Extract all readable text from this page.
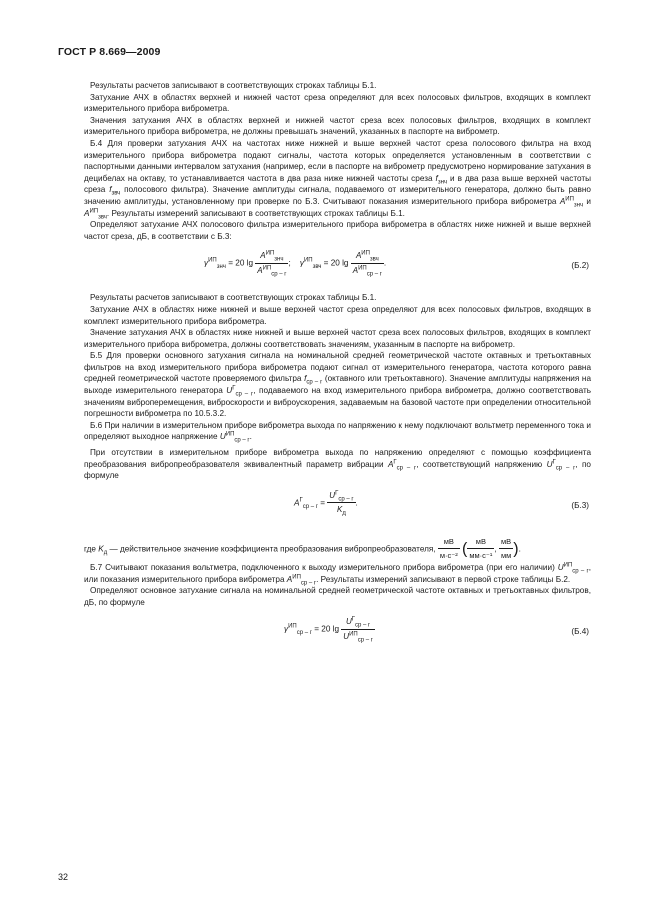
ГОСТ Р 8.669—2009

Результаты расчетов записывают в соответствующих строках таблицы Б.1.

Затухание АЧХ в областях верхней и нижней частот среза определяют для всех полосовых фильтров, входящих в комплект измерительного прибора виброметра.

Значения затухания АЧХ в областях верхней и нижней частот среза всех полосовых фильтров, входящих в комплект измерительного прибора виброметра, не должны превышать значений, указанных в паспорте на виброметр.

Б.4 Для проверки затухания АЧХ на частотах ниже нижней и выше верхней частот среза полосового фильтра на вход измерительного прибора виброметра подают сигналы, частота которых определяется установленным в соответствии с паспортными данными интервалом затухания (например, если в паспорте на виброметр предусмотрено нормирование затухания в децибелах на октаву, то устанавливается частота в два раза ниже нижней частоты среза $f_{знч}$ и в два раза выше верхней частоты среза $f_{звч}$ полосового фильтра). Значение амплитуды сигнала, подаваемого от измерительного генератора, должно быть равно значению амплитуды, установленному при проверке по Б.3. Считывают показания измерительного прибора виброметра $A^{ИП}_{знч}$ и $A^{ИП}_{звч}$. Результаты измерений записывают в соответствующих строках таблицы Б.1.

Определяют затухание АЧХ полосового фильтра измерительного прибора виброметра в областях ниже нижней и выше верхней частот среза, дБ, в соответствии с Б.3:

$\gamma^{ИП}_{знч} = 20$ $\lg \frac{A^{ИП}_{знч}}{A^{ИП}_{ср - г}}$ ; $\gamma^{ИП}_{звч} = 20$ $\lg \frac{A^{ИП}_{звч}}{A^{ИП}_{ср - г}}$ .	(Б.2)

Результаты расчетов записывают в соответствующих строках таблицы Б.1.

Затухание АЧХ в областях ниже нижней и выше верхней частот среза определяют для всех полосовых фильтров, входящих в комплект измерительного прибора виброметра.

Значение затухания АЧХ в областях ниже нижней и выше верхней частот среза всех полосовых фильтров, входящих в комплект измерительного прибора виброметра, должны соответствовать значениям, указанным в паспорте на виброметр.

Б.5 Для проверки основного затухания сигнала на номинальной средней геометрической частоте октавных и третьоктавных фильтров на вход измерительного прибора виброметра подают сигнал от измерительного генератора, частота которого равна средней геометрической частоте проверяемого фильтра $f_{ср - г}$ (октавного или третьоктавного). Значение амплитуды напряжения на выходе измерительного генератора $U^Г_{ср - г}$, подаваемого на вход измерительного прибора виброметра, должно соответствовать значениям виброперемещения, виброскорости и виброускорения, задаваемым на базовой частоте при определении относительной погрешности виброметра по 10.5.3.2.

Б.6 При наличии в измерительном приборе виброметра выхода по напряжению к нему подключают вольтметр переменного тока и определяют выходное напряжение $U^{ИП}_{ср - г}$.

При отсутствии в измерительном приборе виброметра выхода по напряжению определяют с помощью коэффициента преобразования вибропреобразователя эквивалентный параметр вибрации $A^Г_{ср - г}$, соответствующий напряжению $U^Г_{ср - г}$, по формуле

$A^Г_{ср - г} = \frac{U^Г_{ср - г}}{K_д}$ .	(Б.3)

где $K_д$ — действительное значение коэффициента преобразования вибропреобразователя, $\frac{мВ}{\text{м·с⁻²}}$ ( $\frac{мВ}{\text{мм·с⁻¹}}$ , $\frac{мВ}{мм}$ ).

Б.7 Считывают показания вольтметра, подключенного к выходу измерительного прибора виброметра (при его наличии) $U^{ИП}_{ср - г}$, или показания измерительного прибора виброметра $A^{ИП}_{ср - г}$. Результаты измерений записывают в первой строке таблицы Б.2.

Определяют основное затухание сигнала на номинальной средней геометрической частоте октавных и третьоктавных фильтров, дБ, по формуле

$\gamma^{ИП}_{ср - г} = 20$ $\lg \frac{U^Г_{ср - г}}{U^{ИП}_{ср - г}}$	(Б.4)
32
